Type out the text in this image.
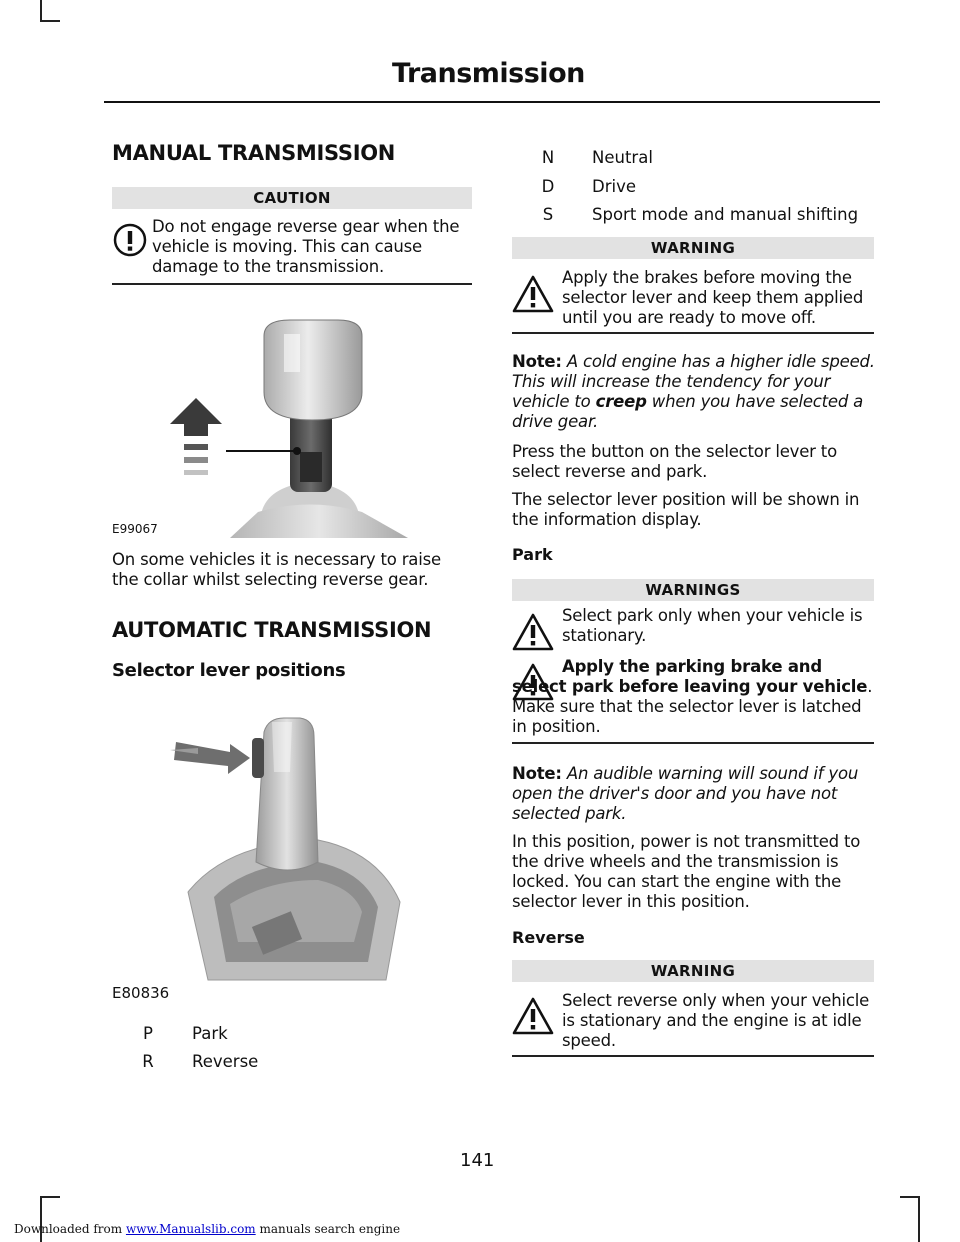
Transmission
MANUAL TRANSMISSION
CAUTION
Do not engage reverse gear when the vehicle is moving. This can cause damage to the transmission.
E99067
On some vehicles it is necessary to raise the collar whilst selecting reverse gear.
AUTOMATIC TRANSMISSION
Selector lever positions
E80836
P	Park
R Reverse
N Neutral
D Drive
S Sport mode and manual shifting
WARNING
Apply the brakes before moving the selector lever and keep them applied until you are ready to move off.
Note: A cold engine has a higher idle speed. This will increase the tendency for your vehicle to creep when you have selected a drive gear.
Press the button on the selector lever to select reverse and park.
The selector lever position will be shown in the information display.
Park
WARNINGS
Select park only when your vehicle is stationary.
Apply the parking brake and select park before leaving your vehicle. Make sure that the selector lever is latched in position.
Note: An audible warning will sound if you open the driver's door and you have not selected park.
In this position, power is not transmitted to the drive wheels and the transmission is locked. You can start the engine with the selector lever in this position.
Reverse
WARNING
Select reverse only when your vehicle is stationary and the engine is at idle speed.
141
Downloaded from www.Manualslib.com manuals search engine
